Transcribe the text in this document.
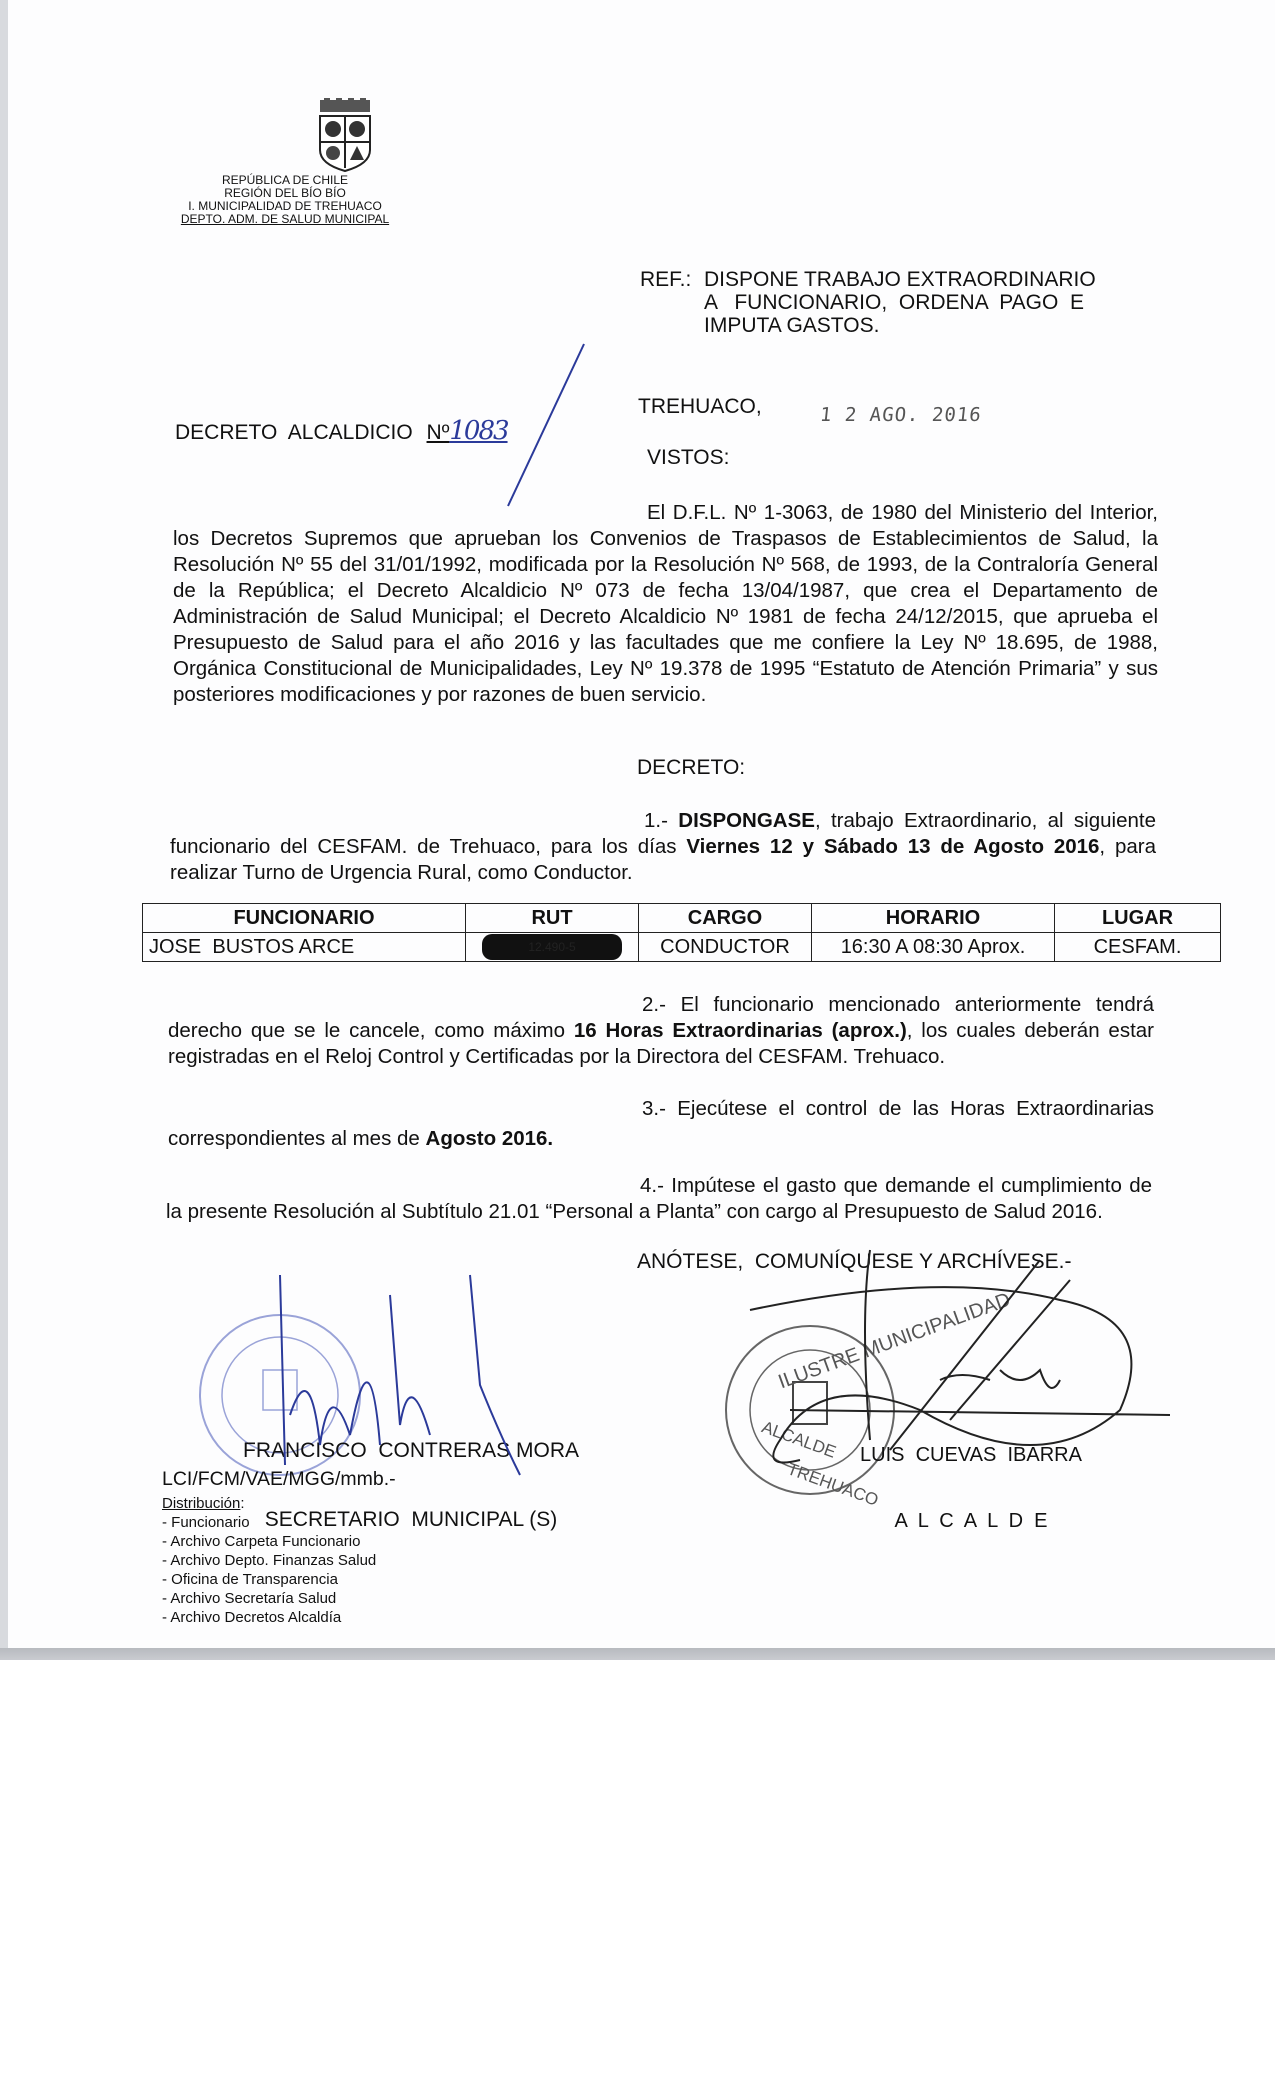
REPÚBLICA DE CHILE
REGIÓN DEL BÍO BÍO
I. MUNICIPALIDAD DE TREHUACO
DEPTO. ADM. DE SALUD MUNICIPAL
REF.: DISPONE TRABAJO EXTRAORDINARIO
A   FUNCIONARIO,  ORDENA  PAGO  E
IMPUTA GASTOS.
TREHUACO,	1 2 AGO. 2016
DECRETO  ALCALDICIO Nº1083
VISTOS:
El D.F.L. Nº 1-3063, de 1980 del Ministerio del Interior, los Decretos Supremos que aprueban los Convenios de Traspasos de Establecimientos de Salud, la Resolución Nº 55 del 31/01/1992, modificada por la Resolución Nº 568, de 1993, de la Contraloría General de la República; el Decreto Alcaldicio Nº 073 de fecha 13/04/1987, que crea el Departamento de Administración de Salud Municipal; el Decreto Alcaldicio Nº 1981 de fecha 24/12/2015, que aprueba el Presupuesto de Salud para el año 2016 y las facultades que me confiere la Ley Nº 18.695, de 1988, Orgánica Constitucional de Municipalidades, Ley Nº 19.378 de 1995 “Estatuto de Atención Primaria” y sus posteriores modificaciones y por razones de buen servicio.
DECRETO:
1.- DISPONGASE, trabajo Extraordinario, al siguiente funcionario del CESFAM. de Trehuaco, para los días Viernes 12 y Sábado 13 de Agosto 2016, para realizar Turno de Urgencia Rural, como Conductor.
FUNCIONARIO	RUT	CARGO	HORARIO	LUGAR
JOSE  BUSTOS ARCE	12.490-5	CONDUCTOR	16:30 A 08:30 Aprox.	CESFAM.
2.- El funcionario mencionado anteriormente tendrá derecho que se le cancele, como máximo 16 Horas Extraordinarias (aprox.), los cuales deberán estar registradas en el Reloj Control y Certificadas por la Directora del CESFAM. Trehuaco.
3.- Ejecútese el control de las Horas Extraordinarias correspondientes al mes de Agosto 2016.
4.- Impútese el gasto que demande el cumplimiento de la presente Resolución al Subtítulo 21.01 “Personal a Planta” con cargo al Presupuesto de Salud 2016.
ANÓTESE,  COMUNÍQUESE Y ARCHÍVESE.-
ILUSTRE MUNICIPALIDAD
ALCALDE
TREHUACO

FRANCISCO  CONTRERAS MORA

SECRETARIO  MUNICIPAL (S)

LUIS  CUEVAS  IBARRA

A  L  C  A  L  D  E

LCI/FCM/VAE/MGG/mmb.-
Distribución:
- Funcionario
- Archivo Carpeta Funcionario
- Archivo Depto. Finanzas Salud
- Oficina de Transparencia
- Archivo Secretaría Salud
- Archivo Decretos Alcaldía
